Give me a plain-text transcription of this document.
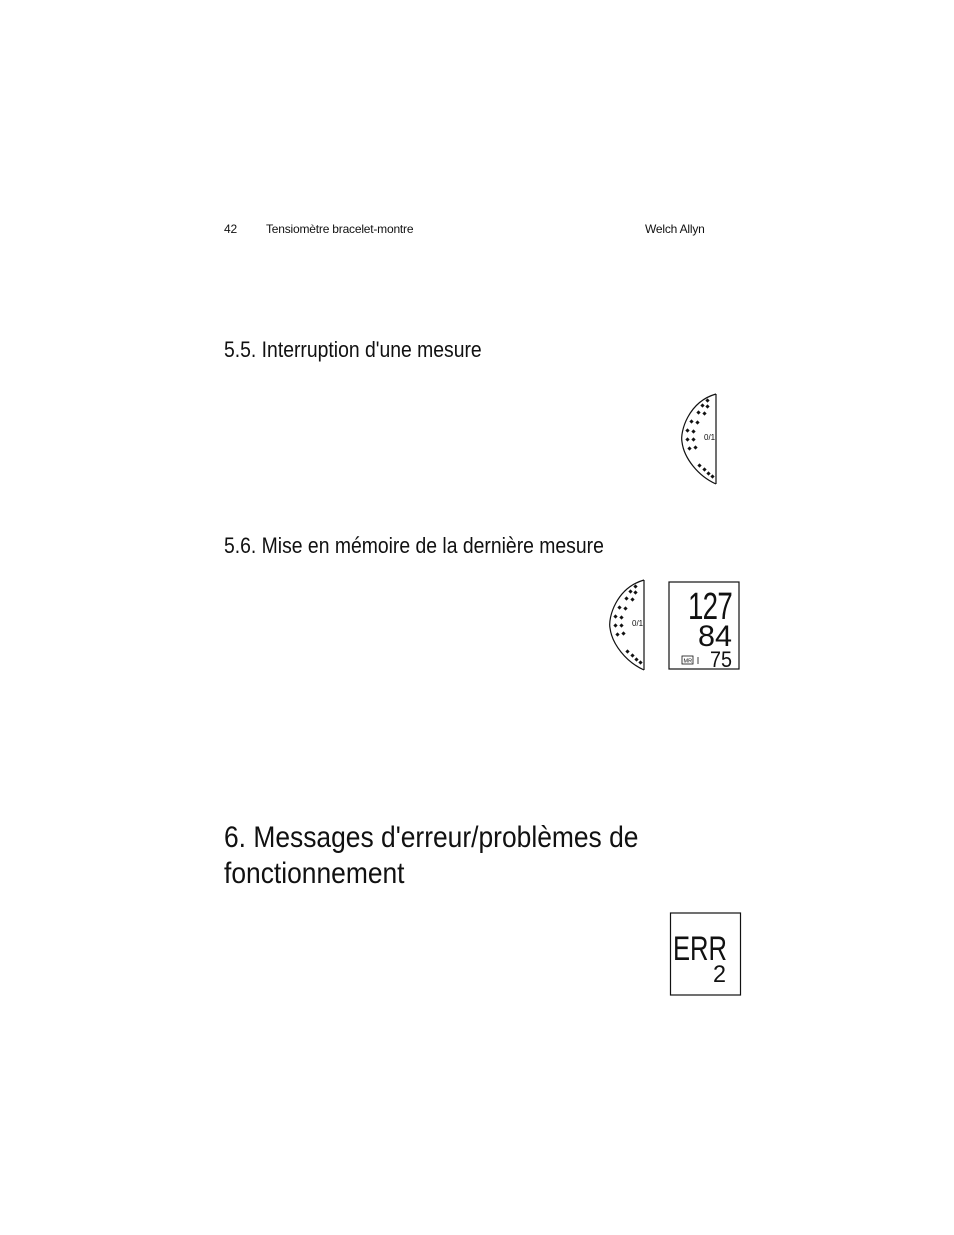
42 Tensiomètre bracelet-montre	Welch Allyn
5.5. Interruption d'une mesure
0/1
5.6. Mise en mémoire de la dernière mesure
0/1 127
84
75
MR
6. Messages d'erreur/problèmes de
fonctionnement
ERR
2
